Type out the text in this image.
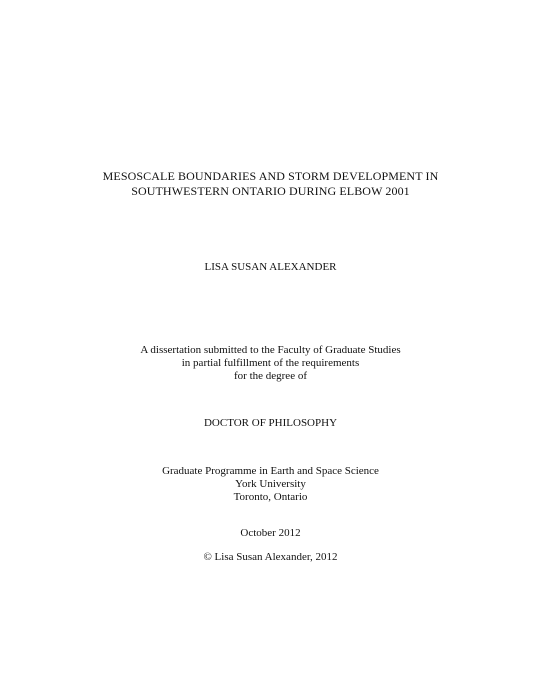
MESOSCALE BOUNDARIES AND STORM DEVELOPMENT IN
SOUTHWESTERN ONTARIO DURING ELBOW 2001
LISA SUSAN ALEXANDER
A dissertation submitted to the Faculty of Graduate Studies
in partial fulfillment of the requirements
for the degree of
DOCTOR OF PHILOSOPHY
Graduate Programme in Earth and Space Science
York University
Toronto, Ontario
October 2012
© Lisa Susan Alexander, 2012
